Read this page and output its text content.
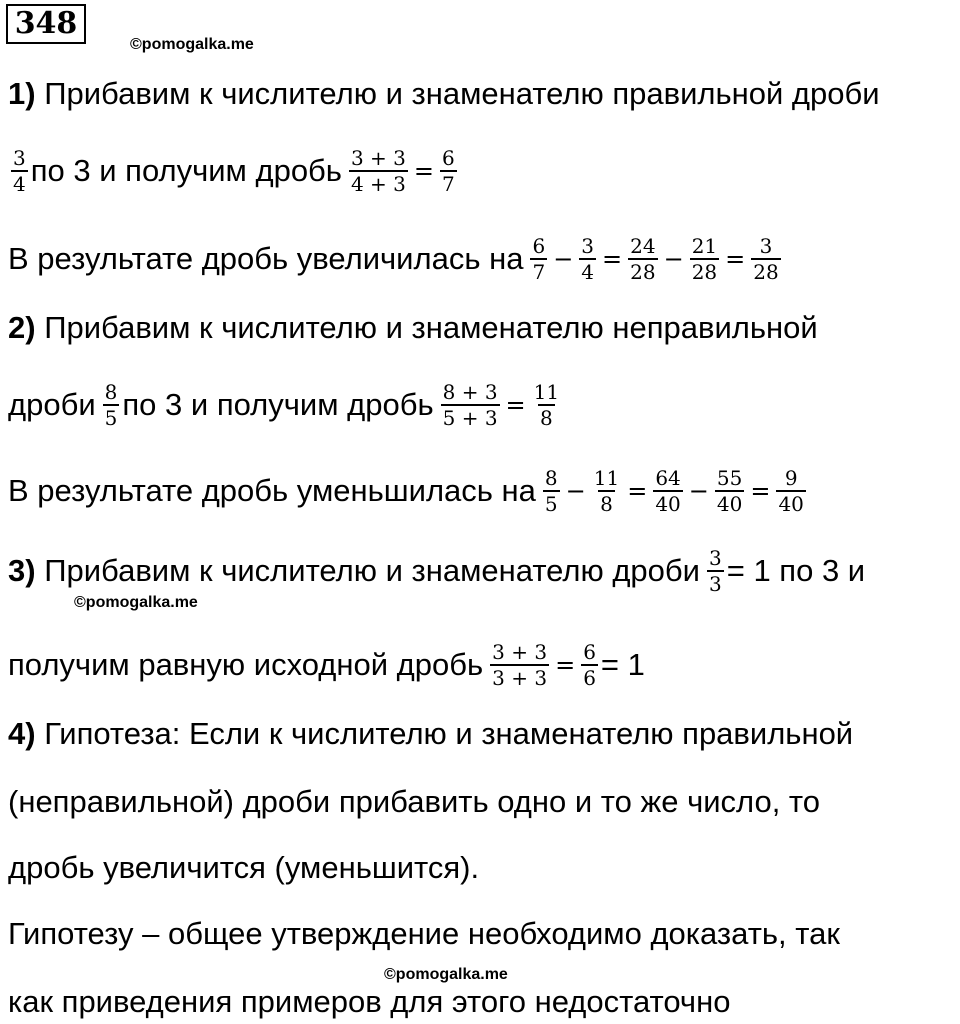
348
©pomogalka.me
1)
Прибавим к числителю и знаменателю правильной дроби
$\frac{3}{4}$ по 3 и получим дробь $\frac{3 + 3}{4 + 3} = \frac{6}{7}$
В результате дробь увеличилась на $\frac{6}{7} - \frac{3}{4} = \frac{24}{28} - \frac{21}{28} = \frac{3}{28}$
2)
Прибавим к числителю и знаменателю неправильной
дроби $\frac{8}{5}$ по 3 и получим дробь $\frac{8 + 3}{5 + 3} = \frac{11}{8}$
В результате дробь уменьшилась на $\frac{8}{5} - \frac{11}{8} = \frac{64}{40} - \frac{55}{40} = \frac{9}{40}$
3)
Прибавим к числителю и знаменателю дроби $\frac{3}{3} = 1$ по 3 и
©pomogalka.me
получим равную исходной дробь $\frac{3 + 3}{3 + 3} = \frac{6}{6} = 1$
4)
Гипотеза: Если к числителю и знаменателю правильной
(неправильной) дроби прибавить одно и то же число, то
дробь увеличится (уменьшится).
Гипотезу – общее утверждение необходимо доказать, так
©pomogalka.me
как приведения примеров для этого недостаточно
